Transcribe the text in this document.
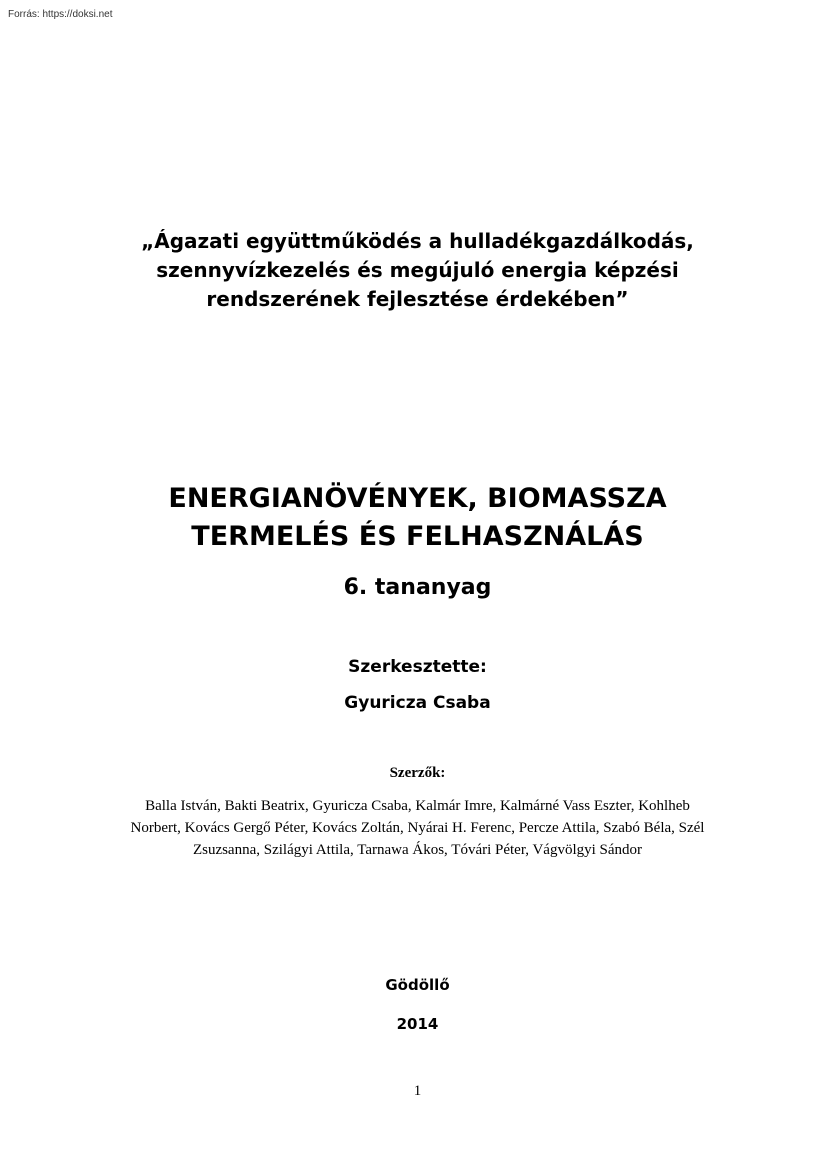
Forrás: https://doksi.net
„Ágazati együttműködés a hulladékgazdálkodás,
szennyvízkezelés és megújuló energia képzési
rendszerének fejlesztése érdekében”
ENERGIANÖVÉNYEK, BIOMASSZA
TERMELÉS ÉS FELHASZNÁLÁS
6. tananyag
Szerkesztette:
Gyuricza Csaba
Szerzők:
Balla István, Bakti Beatrix, Gyuricza Csaba, Kalmár Imre, Kalmárné Vass Eszter, Kohlheb
Norbert, Kovács Gergő Péter, Kovács Zoltán, Nyárai H. Ferenc, Percze Attila, Szabó Béla, Szél
Zsuzsanna, Szilágyi Attila, Tarnawa Ákos, Tóvári Péter, Vágvölgyi Sándor
Gödöllő
2014
1
